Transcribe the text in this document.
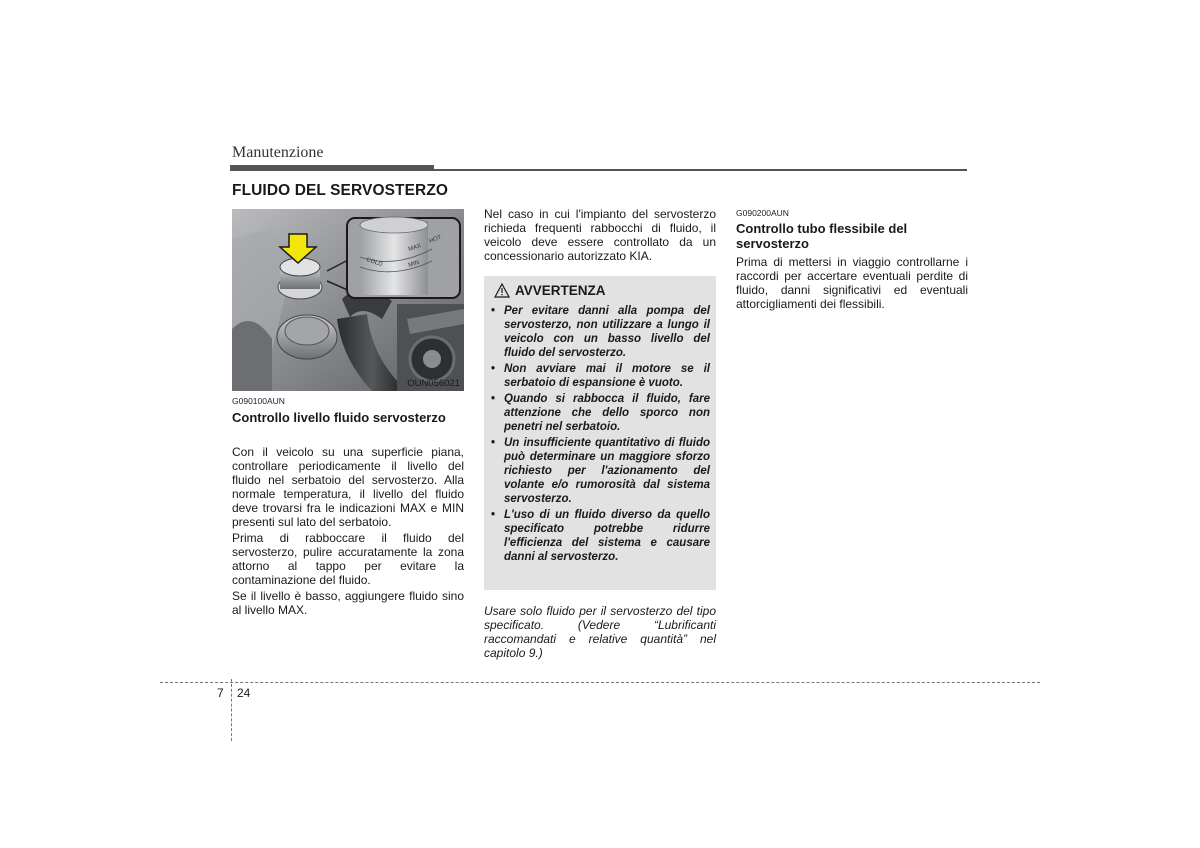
Manutenzione
FLUIDO DEL SERVOSTERZO
MAX
MIN
COLD
HOT
OUN056021
G090100AUN
Controllo livello fluido servosterzo

Con il veicolo su una superficie piana, controllare periodicamente il livello del fluido nel serbatoio del servosterzo. Alla normale temperatura, il livello del fluido deve trovarsi fra le indicazioni MAX e MIN presenti sul lato del serbatoio.

Prima di rabboccare il fluido del servosterzo, pulire accuratamente la zona attorno al tappo per evitare la contaminazione del fluido.

Se il livello è basso, aggiungere fluido sino al livello MAX.

Nel caso in cui l'impianto del servosterzo richieda frequenti rabbocchi di fluido, il veicolo deve essere controllato da un concessionario autorizzato KIA.
AVVERTENZA
• Per evitare danni alla pompa del servosterzo, non utilizzare a lungo il veicolo con un basso livello del fluido del servosterzo.
• Non avviare mai il motore se il serbatoio di espansione è vuoto.
• Quando si rabbocca il fluido, fare attenzione che dello sporco non penetri nel serbatoio.
• Un insufficiente quantitativo di fluido può determinare un maggiore sforzo richiesto per l'azionamento del volante e/o rumorosità dal sistema servosterzo.
• L'uso di un fluido diverso da quello specificato potrebbe ridurre l'efficienza del sistema e causare danni al servosterzo.
Usare solo fluido per il servosterzo del tipo specificato. (Vedere “Lubrificanti raccomandati e relative quantità” nel capitolo 9.)
G090200AUN
Controllo tubo flessibile del servosterzo
Prima di mettersi in viaggio controllarne i raccordi per accertare eventuali perdite di fluido, danni significativi ed eventuali attorcigliamenti dei flessibili.
7 24
